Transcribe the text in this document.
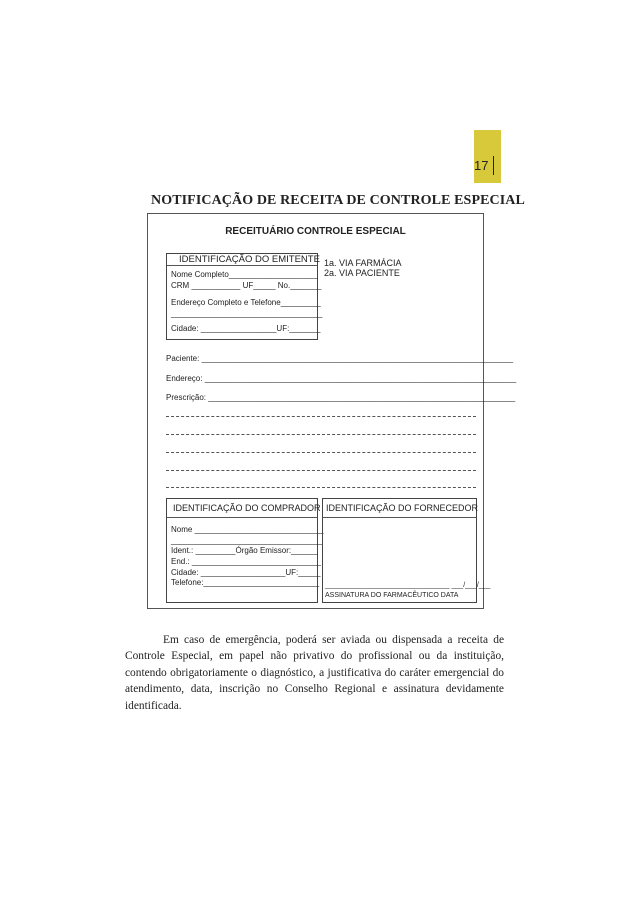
17
NOTIFICAÇÃO DE RECEITA DE CONTROLE ESPECIAL
RECEITUÁRIO CONTROLE ESPECIAL
IDENTIFICAÇÃO DO EMITENTE
Nome Completo____________________
CRM ___________ UF_____ No._______
Endereço Completo e Telefone_________
__________________________________
Cidade: _________________UF:_______
1a. VIA FARMÁCIA
2a. VIA PACIENTE
Paciente: ______________________________________________________________________
Endereço: ______________________________________________________________________
Prescrição: _____________________________________________________________________
IDENTIFICAÇÃO DO COMPRADOR
Nome _____________________________
__________________________________
Ident.: _________Órgão Emissor:______
End.: _____________________________
Cidade: ___________________UF:_____
Telefone:__________________________
IDENTIFICAÇÃO DO FORNECEDOR
________________________________ ___/___/___
ASSINATURA DO FARMACÊUTICO DATA

Em caso de emergência, poderá ser aviada ou dispensada a receita de Controle Especial, em papel não privativo do profissional ou da instituição, contendo obrigatoriamente o diagnóstico, a justificativa do caráter emergencial do atendimento, data, inscrição no Conselho Regional e assinatura devidamente identificada.
